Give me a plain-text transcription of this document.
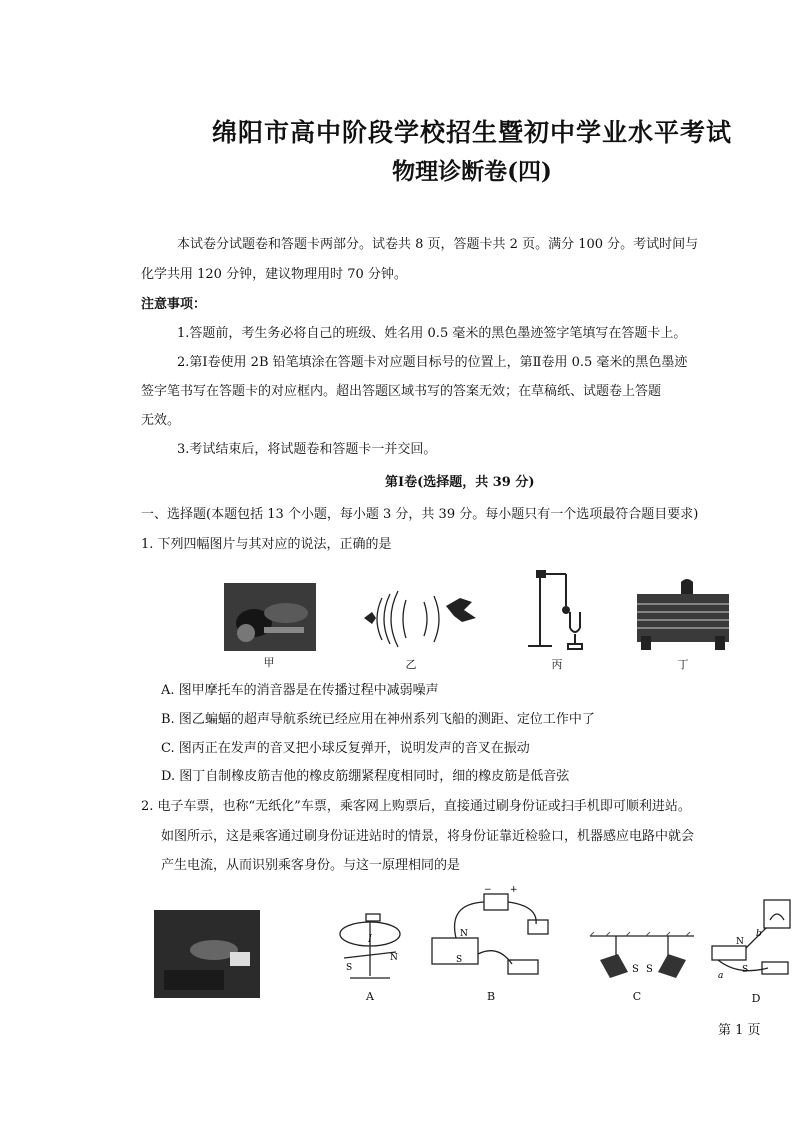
绵阳市高中阶段学校招生暨初中学业水平考试
物理诊断卷(四)
本试卷分试题卷和答题卡两部分。试卷共 8 页，答题卡共 2 页。满分 100 分。考试时间与
化学共用 120 分钟，建议物理用时 70 分钟。
注意事项：
1.答题前，考生务必将自己的班级、姓名用 0.5 毫米的黑色墨迹签字笔填写在答题卡上。
2.第Ⅰ卷使用 2B 铅笔填涂在答题卡对应题目标号的位置上，第Ⅱ卷用 0.5 毫米的黑色墨迹
签字笔书写在答题卡的对应框内。超出答题区域书写的答案无效；在草稿纸、试题卷上答题
无效。
3.考试结束后，将试题卷和答题卡一并交回。
第Ⅰ卷(选择题，共 39 分)
一、选择题(本题包括 13 个小题，每小题 3 分，共 39 分。每小题只有一个选项最符合题目要求)
1. 下列四幅图片与其对应的说法，正确的是
甲	乙	丙	丁
A. 图甲摩托车的消音器是在传播过程中减弱噪声
B. 图乙蝙蝠的超声导航系统已经应用在神州系列飞船的测距、定位工作中了
C. 图丙正在发声的音叉把小球反复弹开，说明发声的音叉在振动
D. 图丁自制橡皮筋吉他的橡皮筋绷紧程度相同时，细的橡皮筋是低音弦
2. 电子车票，也称“无纸化”车票，乘客网上购票后，直接通过刷身份证或扫手机即可顺利进站。
如图所示，这是乘客通过刷身份证进站时的情景，将身份证靠近检验口，机器感应电路中就会
产生电流，从而识别乘客身份。与这一原理相同的是
I
N
S
A
N
S
− +
B
S S
C
N
S
a
b
D
第 1 页
